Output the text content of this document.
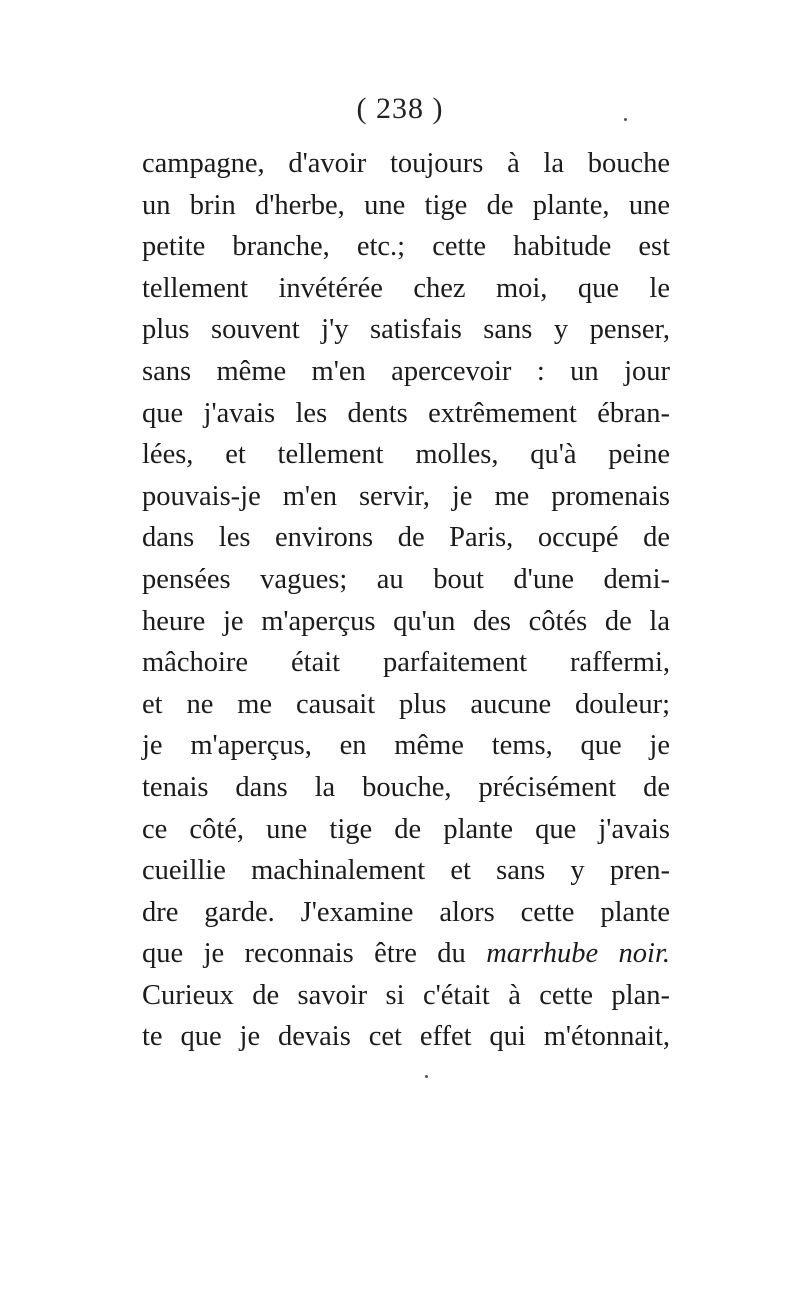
( 238 )
campagne, d'avoir toujours à la bouche
un brin d'herbe, une tige de plante, une
petite branche, etc.; cette habitude est
tellement invétérée chez moi, que le
plus souvent j'y satisfais sans y penser,
sans même m'en apercevoir : un jour
que j'avais les dents extrêmement ébran-
lées, et tellement molles, qu'à peine
pouvais-je m'en servir, je me promenais
dans les environs de Paris, occupé de
pensées vagues; au bout d'une demi-
heure je m'aperçus qu'un des côtés de la
mâchoire était parfaitement raffermi,
et ne me causait plus aucune douleur;
je m'aperçus, en même tems, que je
tenais dans la bouche, précisément de
ce côté, une tige de plante que j'avais
cueillie machinalement et sans y pren-
dre garde. J'examine alors cette plante
que je reconnais être du marrhube noir.
Curieux de savoir si c'était à cette plan-
te que je devais cet effet qui m'étonnait,
